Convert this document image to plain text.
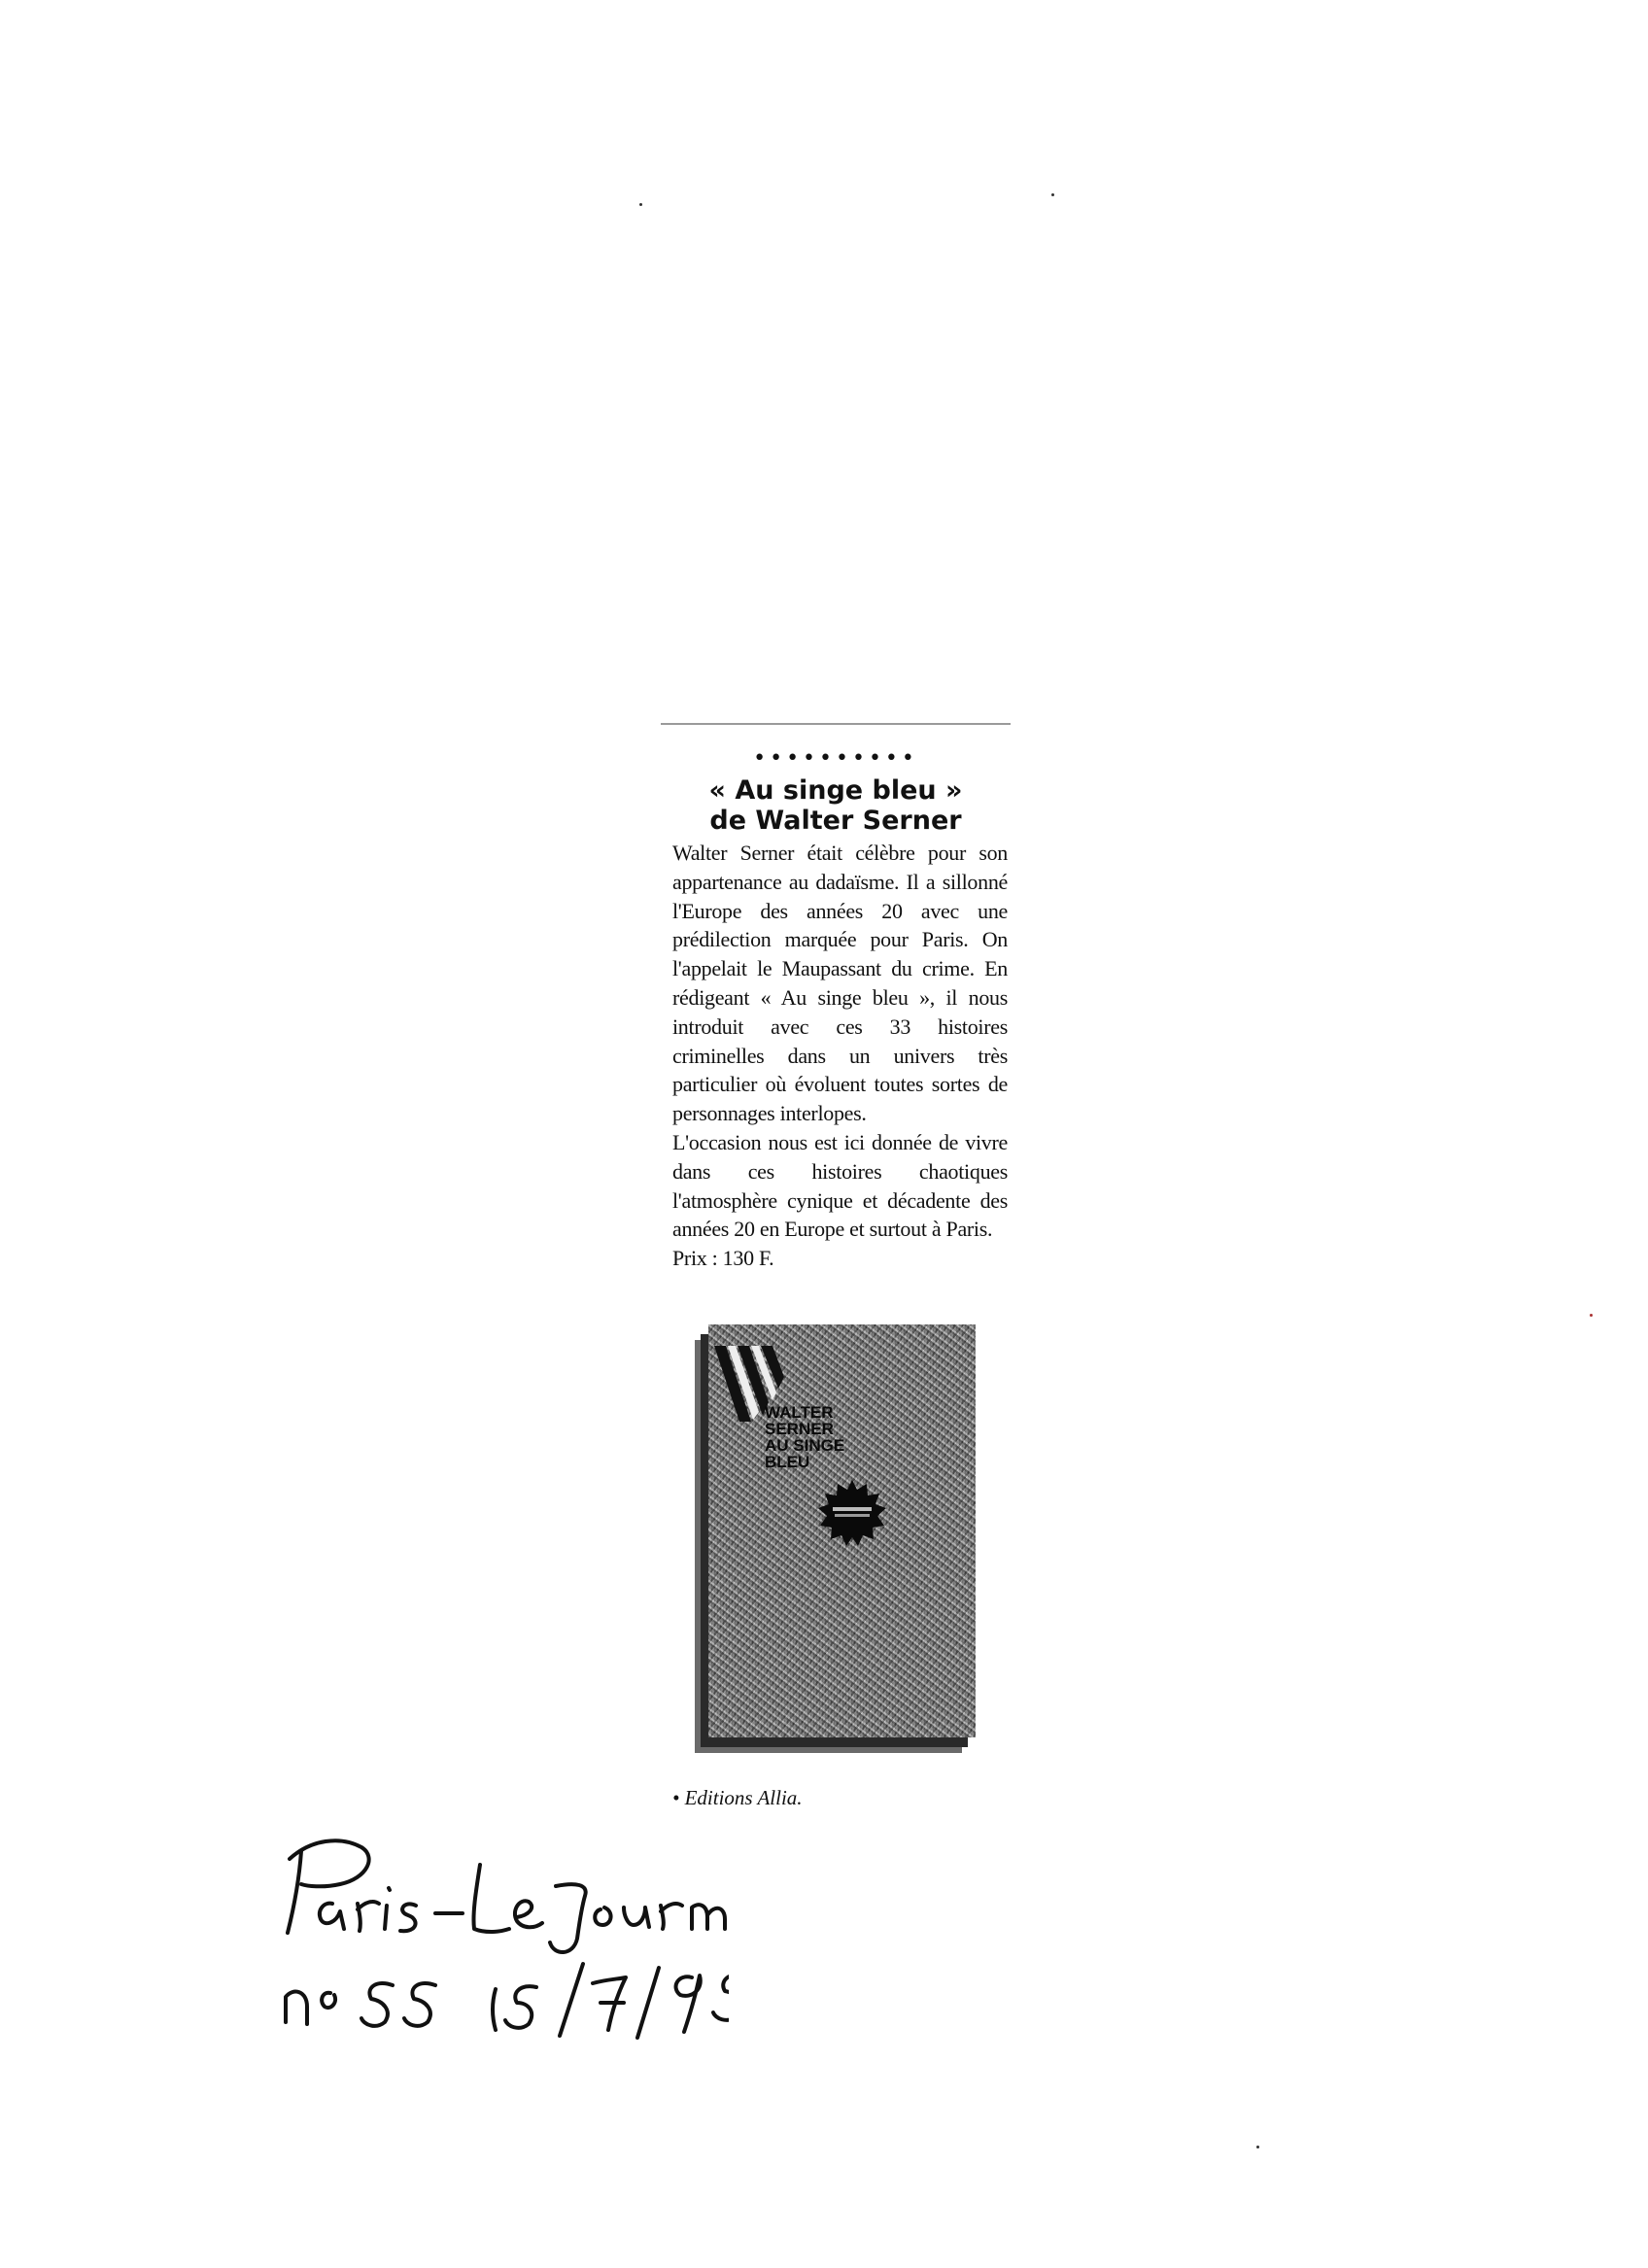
••••••••••
« Au singe bleu »
de Walter Serner

Walter Serner était célèbre pour son appartenance au dadaïsme. Il a sillonné l'Europe des années 20 avec une prédilection marquée pour Paris. On l'appelait le Maupassant du crime. En rédigeant « Au singe bleu », il nous introduit avec ces 33 histoires criminelles dans un univers très particulier où évoluent toutes sortes de personnages interlopes.

L'occasion nous est ici donnée de vivre dans ces histoires chaotiques l'atmosphère cynique et décadente des années 20 en Europe et surtout à Paris.

Prix : 130 F.

WALTER
SERNER
AU SINGE
BLEU
• Editions Allia.
